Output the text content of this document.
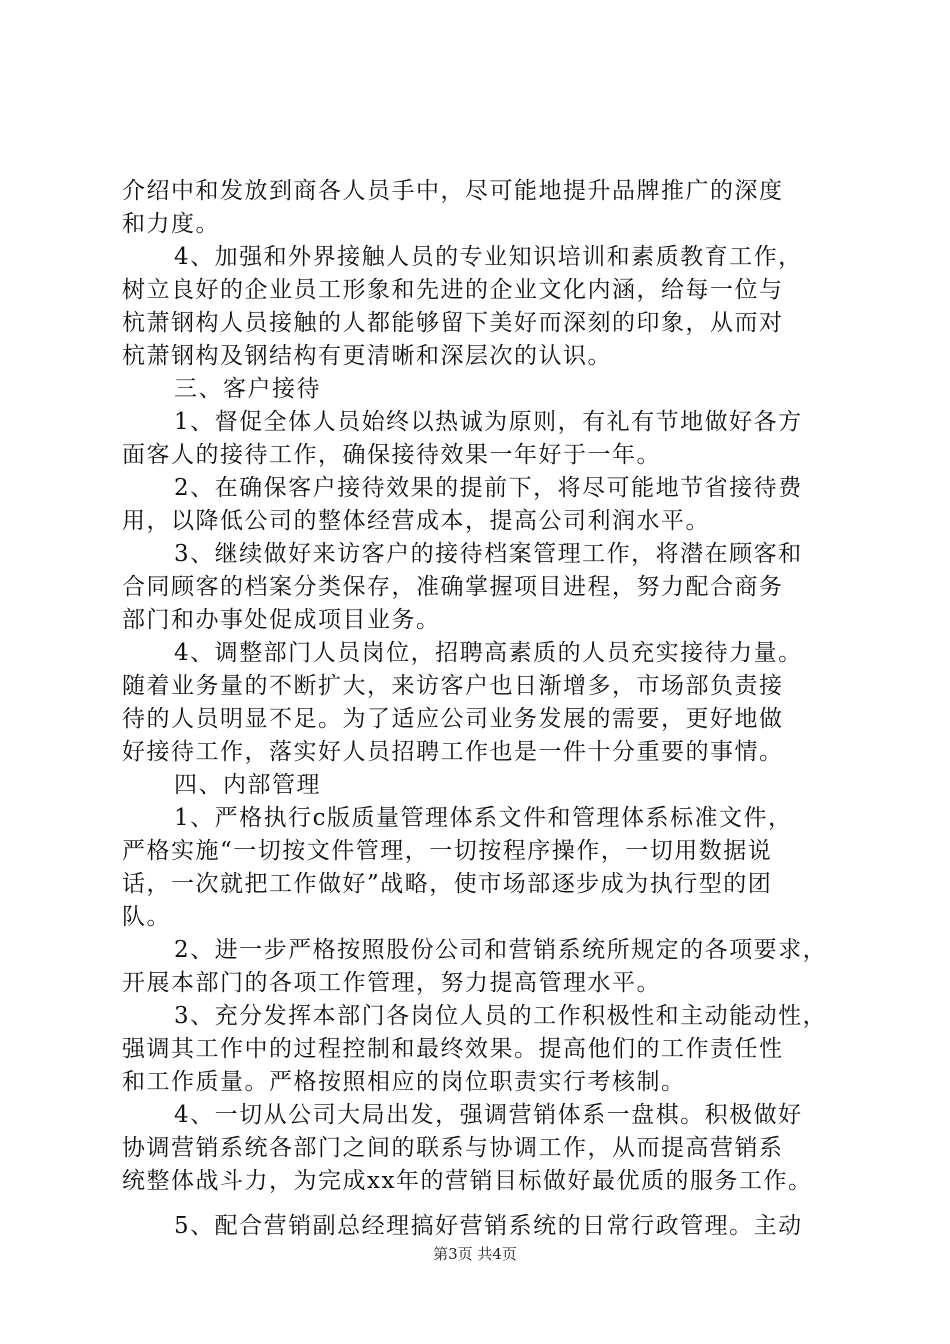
介绍中和发放到商各人员手中，尽可能地提升品牌推广的深度
和力度。
4、加强和外界接触人员的专业知识培训和素质教育工作，
树立良好的企业员工形象和先进的企业文化内涵，给每一位与
杭萧钢构人员接触的人都能够留下美好而深刻的印象，从而对
杭萧钢构及钢结构有更清晰和深层次的认识。
三、客户接待
1、督促全体人员始终以热诚为原则，有礼有节地做好各方
面客人的接待工作，确保接待效果一年好于一年。
2、在确保客户接待效果的提前下，将尽可能地节省接待费
用，以降低公司的整体经营成本，提高公司利润水平。
3、继续做好来访客户的接待档案管理工作，将潜在顾客和
合同顾客的档案分类保存，准确掌握项目进程，努力配合商务
部门和办事处促成项目业务。
4、调整部门人员岗位，招聘高素质的人员充实接待力量。
随着业务量的不断扩大，来访客户也日渐增多，市场部负责接
待的人员明显不足。为了适应公司业务发展的需要，更好地做
好接待工作，落实好人员招聘工作也是一件十分重要的事情。
四、内部管理
1、严格执行c版质量管理体系文件和管理体系标准文件，
严格实施“一切按文件管理，一切按程序操作，一切用数据说
话，一次就把工作做好”战略，使市场部逐步成为执行型的团
队。
2、进一步严格按照股份公司和营销系统所规定的各项要求，
开展本部门的各项工作管理，努力提高管理水平。
3、充分发挥本部门各岗位人员的工作积极性和主动能动性，
强调其工作中的过程控制和最终效果。提高他们的工作责任性
和工作质量。严格按照相应的岗位职责实行考核制。
4、一切从公司大局出发，强调营销体系一盘棋。积极做好
协调营销系统各部门之间的联系与协调工作，从而提高营销系
统整体战斗力，为完成xx年的营销目标做好最优质的服务工作。
5、配合营销副总经理搞好营销系统的日常行政管理。主动
第3页 共4页
